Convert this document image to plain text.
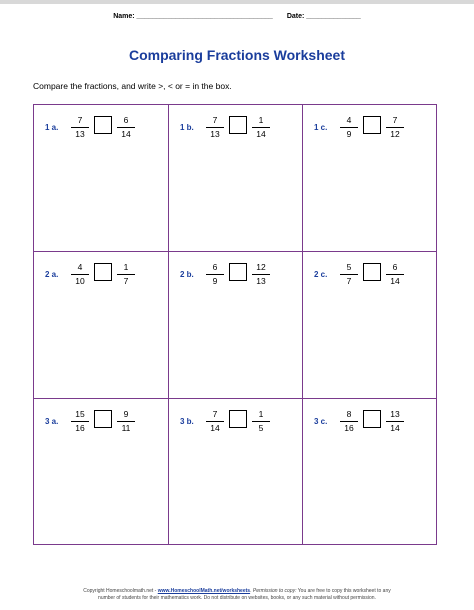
Name: ___________________________________ Date: ______________
Comparing Fractions Worksheet
Compare the fractions, and write >, < or = in the box.
1 a.
7
13
6
14
1 b.
7
13
1
14
1 c.
4
9
7
12
2 a.
4
10
1
7
2 b.
6
9
12
13
2 c.
5
7
6
14
3 a.
15
16
9
11
3 b.
7
14
1
5
3 c.
8
16
13
14
Copyright Homeschoolmath.net - www.HomeschoolMath.net/worksheets. Permission to copy: You are free to copy this worksheet to any
number of students for their mathematics work. Do not distribute on websites, books, or any such material without permission.
